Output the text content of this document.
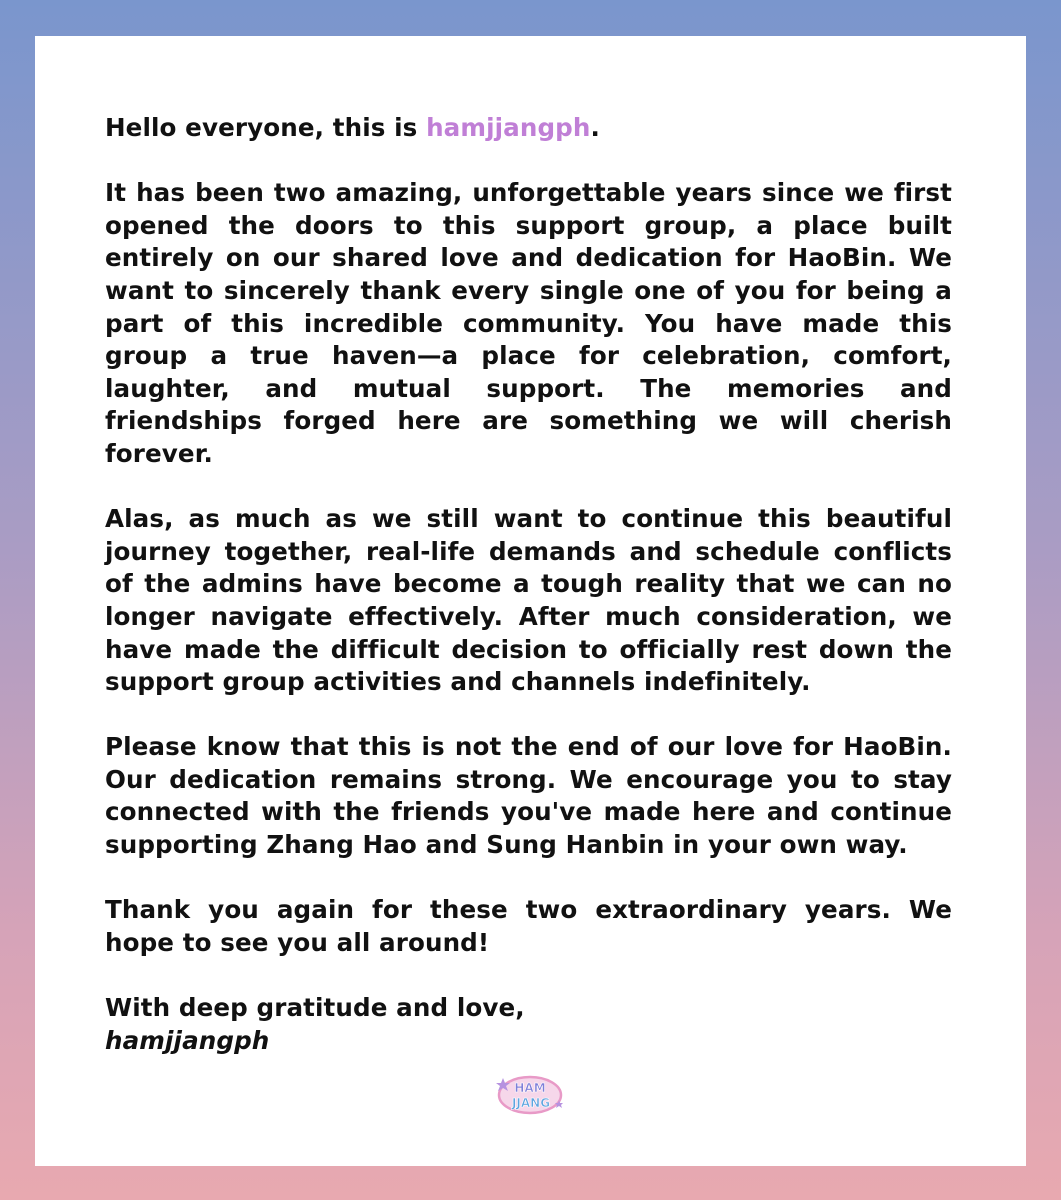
Hello everyone, this is hamjjangph.

It has been two amazing, unforgettable years since we first opened the doors to this support group, a place built entirely on our shared love and dedication for HaoBin. We want to sincerely thank every single one of you for being a part of this incredible community. You have made this group a true haven—a place for celebration, comfort, laughter, and mutual support. The memories and friendships forged here are something we will cherish forever.

Alas, as much as we still want to continue this beautiful journey together, real-life demands and schedule conflicts of the admins have become a tough reality that we can no longer navigate effectively. After much consideration, we have made the difficult decision to officially rest down the support group activities and channels indefinitely.

Please know that this is not the end of our love for HaoBin. Our dedication remains strong. We encourage you to stay connected with the friends you've made here and continue supporting Zhang Hao and Sung Hanbin in your own way.

Thank you again for these two extraordinary years. We hope to see you all around!

With deep gratitude and love,

hamjjangph

HAM
JJANG
